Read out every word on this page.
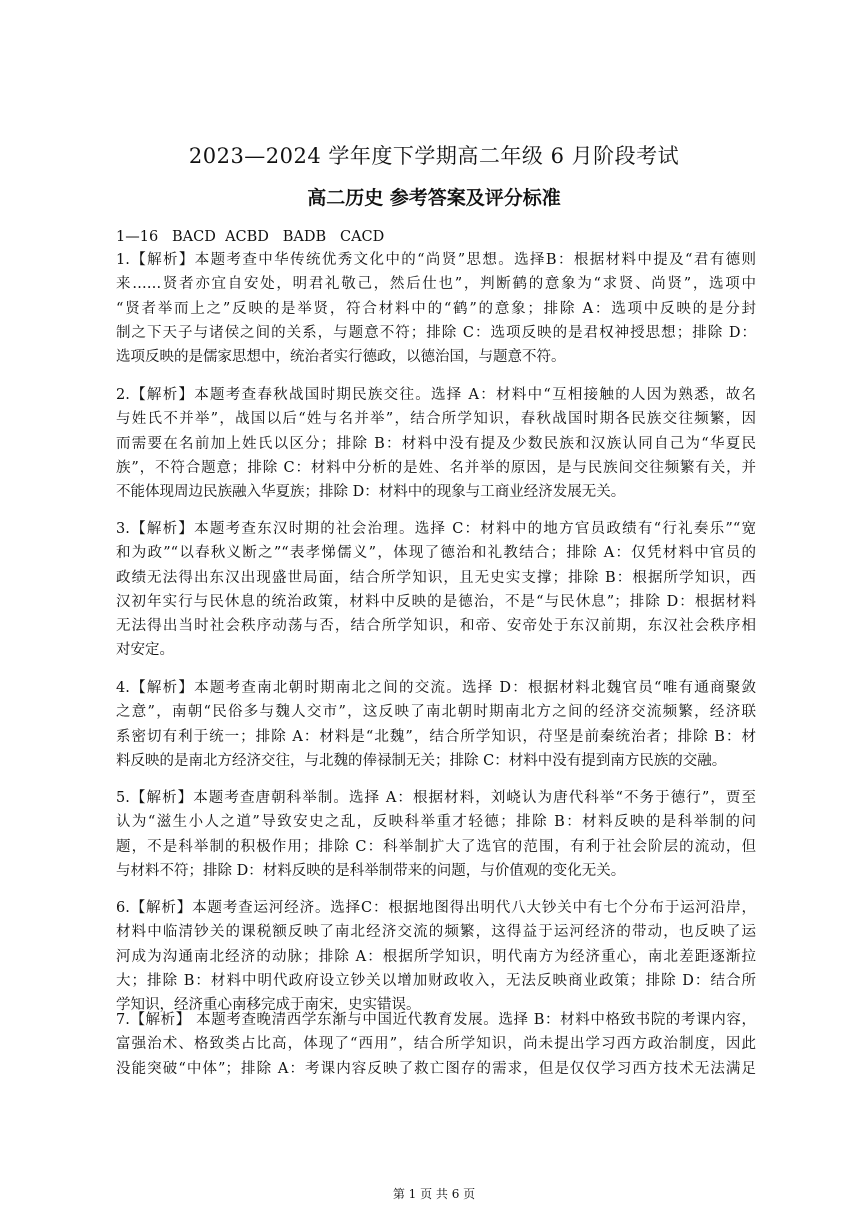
2023—2024 学年度下学期高二年级 6 月阶段考试
高二历史 参考答案及评分标准
1—16   BACD  ACBD   BADB   CACD
1.【解析】本题考查中华传统优秀文化中的“尚贤”思想。选择B：根据材料中提及“君有德则
来……贤者亦宜自安处，明君礼敬己，然后仕也”，判断鹤的意象为“求贤、尚贤”，选项中
“贤者举而上之”反映的是举贤，符合材料中的“鹤”的意象；排除 A：选项中反映的是分封
制之下天子与诸侯之间的关系，与题意不符；排除 C：选项反映的是君权神授思想；排除 D：
选项反映的是儒家思想中，统治者实行德政，以德治国，与题意不符。
2.【解析】本题考查春秋战国时期民族交往。选择 A：材料中“互相接触的人因为熟悉，故名
与姓氏不并举”，战国以后“姓与名并举”，结合所学知识，春秋战国时期各民族交往频繁，因
而需要在名前加上姓氏以区分；排除 B：材料中没有提及少数民族和汉族认同自己为“华夏民
族”，不符合题意；排除 C：材料中分析的是姓、名并举的原因，是与民族间交往频繁有关，并
不能体现周边民族融入华夏族；排除 D：材料中的现象与工商业经济发展无关。
3.【解析】本题考查东汉时期的社会治理。选择 C：材料中的地方官员政绩有“行礼奏乐”“宽
和为政”“以春秋义断之”“表孝悌儒义”，体现了德治和礼教结合；排除 A：仅凭材料中官员的
政绩无法得出东汉出现盛世局面，结合所学知识，且无史实支撑；排除 B：根据所学知识，西
汉初年实行与民休息的统治政策，材料中反映的是德治，不是“与民休息”；排除 D：根据材料
无法得出当时社会秩序动荡与否，结合所学知识，和帝、安帝处于东汉前期，东汉社会秩序相
对安定。
4.【解析】本题考查南北朝时期南北之间的交流。选择 D：根据材料北魏官员“唯有通商聚敛
之意”，南朝“民俗多与魏人交市”，这反映了南北朝时期南北方之间的经济交流频繁，经济联
系密切有利于统一；排除 A：材料是“北魏”，结合所学知识，苻坚是前秦统治者；排除 B：材
料反映的是南北方经济交往，与北魏的俸禄制无关；排除 C：材料中没有提到南方民族的交融。
5.【解析】本题考查唐朝科举制。选择 A：根据材料，刘峣认为唐代科举“不务于德行”，贾至
认为“滋生小人之道”导致安史之乱，反映科举重才轻德；排除 B：材料反映的是科举制的问
题，不是科举制的积极作用；排除 C：科举制扩大了选官的范围，有利于社会阶层的流动，但
与材料不符；排除 D：材料反映的是科举制带来的问题，与价值观的变化无关。
6.【解析】本题考查运河经济。选择C：根据地图得出明代八大钞关中有七个分布于运河沿岸，
材料中临清钞关的课税额反映了南北经济交流的频繁，这得益于运河经济的带动，也反映了运
河成为沟通南北经济的动脉；排除 A：根据所学知识，明代南方为经济重心，南北差距逐渐拉
大；排除 B：材料中明代政府设立钞关以增加财政收入，无法反映商业政策；排除 D：结合所
学知识，经济重心南移完成于南宋，史实错误。
7.【解析】 本题考查晚清西学东渐与中国近代教育发展。选择 B：材料中格致书院的考课内容，
富强治术、格致类占比高，体现了“西用”，结合所学知识，尚未提出学习西方政治制度，因此
没能突破“中体”；排除 A：考课内容反映了救亡图存的需求，但是仅仅学习西方技术无法满足
第 1 页 共 6 页
